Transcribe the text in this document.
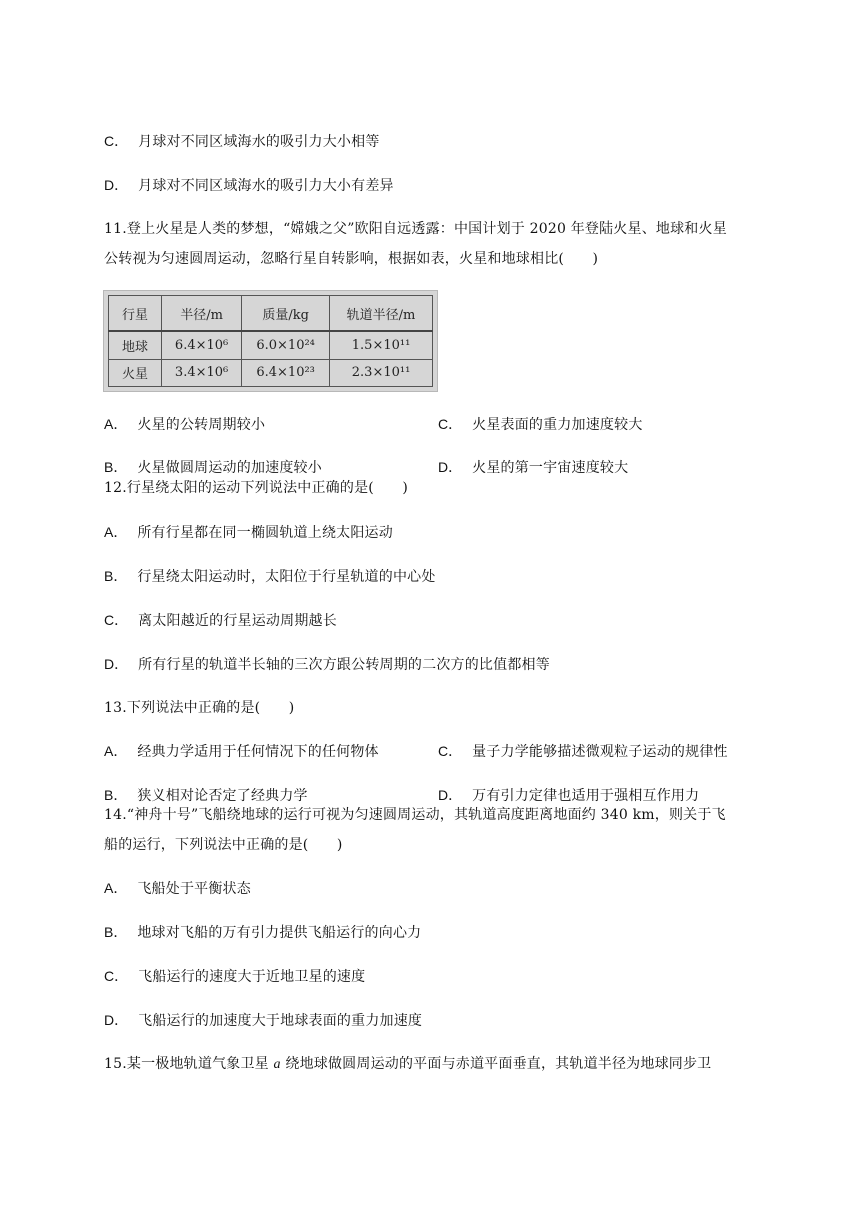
C． 月球对不同区域海水的吸引力大小相等
D． 月球对不同区域海水的吸引力大小有差异
11.登上火星是人类的梦想，“嫦娥之父”欧阳自远透露：中国计划于 2020 年登陆火星、地球和火星
公转视为匀速圆周运动，忽略行星自转影响，根据如表，火星和地球相比(　　)
行星	半径/m	质量/kg	轨道半径/m
地球	6.4×10⁶	6.0×10²⁴	1.5×10¹¹
火星	3.4×10⁶	6.4×10²³	2.3×10¹¹
A． 火星的公转周期较小	C． 火星表面的重力加速度较大
B． 火星做圆周运动的加速度较小	D． 火星的第一宇宙速度较大
12.行星绕太阳的运动下列说法中正确的是(　　)
A． 所有行星都在同一椭圆轨道上绕太阳运动
B． 行星绕太阳运动时，太阳位于行星轨道的中心处
C． 离太阳越近的行星运动周期越长
D． 所有行星的轨道半长轴的三次方跟公转周期的二次方的比值都相等
13.下列说法中正确的是(　　)
A． 经典力学适用于任何情况下的任何物体	C． 量子力学能够描述微观粒子运动的规律性
B． 狭义相对论否定了经典力学	D． 万有引力定律也适用于强相互作用力
14.“神舟十号”飞船绕地球的运行可视为匀速圆周运动，其轨道高度距离地面约 340 km，则关于飞
船的运行，下列说法中正确的是(　　)
A． 飞船处于平衡状态
B． 地球对飞船的万有引力提供飞船运行的向心力
C． 飞船运行的速度大于近地卫星的速度
D． 飞船运行的加速度大于地球表面的重力加速度
15.某一极地轨道气象卫星 a 绕地球做圆周运动的平面与赤道平面垂直，其轨道半径为地球同步卫
